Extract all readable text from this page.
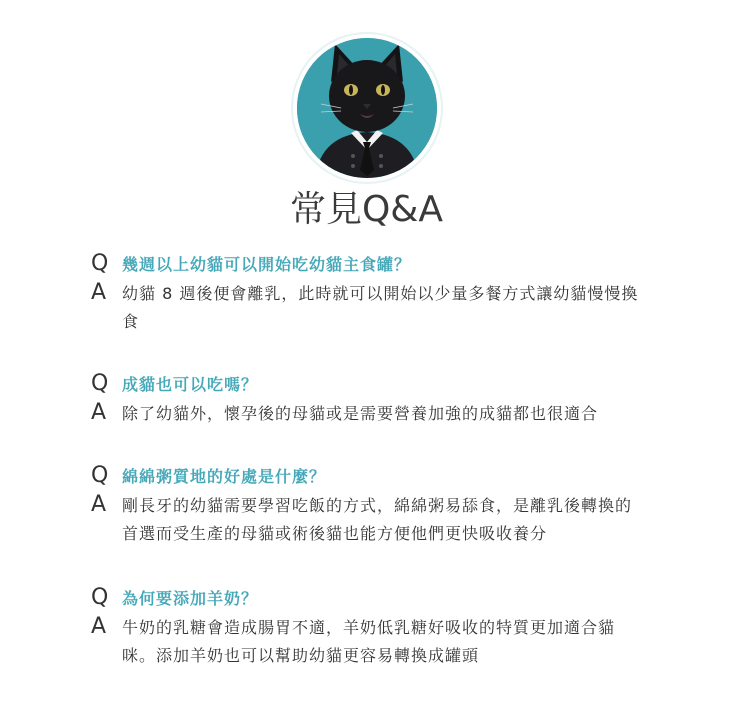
常見Q&A
Q 幾週以上幼貓可以開始吃幼貓主食罐？
A 幼貓 8 週後便會離乳，此時就可以開始以少量多餐方式讓幼貓慢慢換食
Q 成貓也可以吃嗎？
A 除了幼貓外，懷孕後的母貓或是需要營養加強的成貓都也很適合
Q 綿綿粥質地的好處是什麼？
A 剛長牙的幼貓需要學習吃飯的方式，綿綿粥易舔食，是離乳後轉換的首選而受生產的母貓或術後貓也能方便他們更快吸收養分
Q 為何要添加羊奶？
A 牛奶的乳糖會造成腸胃不適，羊奶低乳糖好吸收的特質更加適合貓咪。添加羊奶也可以幫助幼貓更容易轉換成罐頭
